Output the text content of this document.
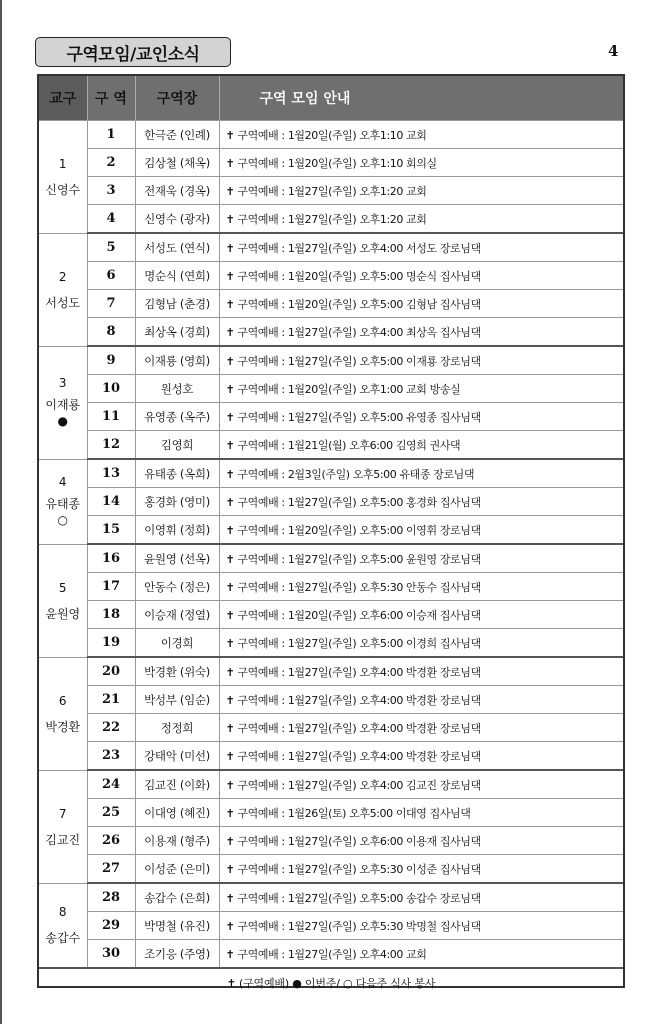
구역모임/교인소식	4
교구	구 역	구역장	구역 모임 안내

1
신영수	1	한극준 (인례)	✝ 구역예배 : 1월20일(주일) 오후1:10 교회
	2	김상철 (채옥)	✝ 구역예배 : 1월20일(주일) 오후1:10 회의실
	3	전재욱 (경옥)	✝ 구역예배 : 1월27일(주일) 오후1:20 교회
	4	신영수 (광자)	✝ 구역예배 : 1월27일(주일) 오후1:20 교회

2
서성도	5	서성도 (연식)	✝ 구역예배 : 1월27일(주일) 오후4:00 서성도 장로님댁
	6	명순식 (연희)	✝ 구역예배 : 1월20일(주일) 오후5:00 명순식 집사님댁
	7	김형남 (춘경)	✝ 구역예배 : 1월20일(주일) 오후5:00 김형남 집사님댁
	8	최상옥 (경희)	✝ 구역예배 : 1월27일(주일) 오후4:00 최상옥 집사님댁

3
이재룡
●	9	이재룡 (영희)	✝ 구역예배 : 1월27일(주일) 오후5:00 이재룡 장로님댁
	10	원성호	✝ 구역예배 : 1월20일(주일) 오후1:00 교회 방송실
	11	유영종 (옥주)	✝ 구역예배 : 1월27일(주일) 오후5:00 유영종 집사님댁
	12	김영희	✝ 구역예배 : 1월21일(월) 오후6:00 김영희 권사댁

4
유태종
○	13	유태종 (옥희)	✝ 구역예배 : 2월3일(주일) 오후5:00 유태종 장로님댁
	14	홍경화 (영미)	✝ 구역예배 : 1월27일(주일) 오후5:00 홍경화 집사님댁
	15	이영휘 (정희)	✝ 구역예배 : 1월20일(주일) 오후5:00 이영휘 장로님댁

5
윤원영	16	윤원영 (선옥)	✝ 구역예배 : 1월27일(주일) 오후5:00 윤원영 장로님댁
	17	안동수 (정은)	✝ 구역예배 : 1월27일(주일) 오후5:30 안동수 집사님댁
	18	이승재 (정열)	✝ 구역예배 : 1월20일(주일) 오후6:00 이승재 집사님댁
	19	이경희	✝ 구역예배 : 1월27일(주일) 오후5:00 이경희 집사님댁

6
박경환	20	박경환 (위숙)	✝ 구역예배 : 1월27일(주일) 오후4:00 박경환 장로님댁
	21	박성부 (임순)	✝ 구역예배 : 1월27일(주일) 오후4:00 박경환 장로님댁
	22	정정희	✝ 구역예배 : 1월27일(주일) 오후4:00 박경환 장로님댁
	23	강태악 (미선)	✝ 구역예배 : 1월27일(주일) 오후4:00 박경환 장로님댁

7
김교진	24	김교진 (이화)	✝ 구역예배 : 1월27일(주일) 오후4:00 김교진 장로님댁
	25	이대영 (혜진)	✝ 구역예배 : 1월26일(토) 오후5:00 이대영 집사님댁
	26	이용재 (형주)	✝ 구역예배 : 1월27일(주일) 오후6:00 이용재 집사님댁
	27	이성준 (은미)	✝ 구역예배 : 1월27일(주일) 오후5:30 이성준 집사님댁

8
송갑수	28	송갑수 (은희)	✝ 구역예배 : 1월27일(주일) 오후5:00 송갑수 장로님댁
	29	박명철 (유진)	✝ 구역예배 : 1월27일(주일) 오후5:30 박명철 집사님댁
	30	조기응 (주영)	✝ 구역예배 : 1월27일(주일) 오후4:00 교회
✝ (구역예배) ● 이번주/ ○ 다음주 식사 봉사			
